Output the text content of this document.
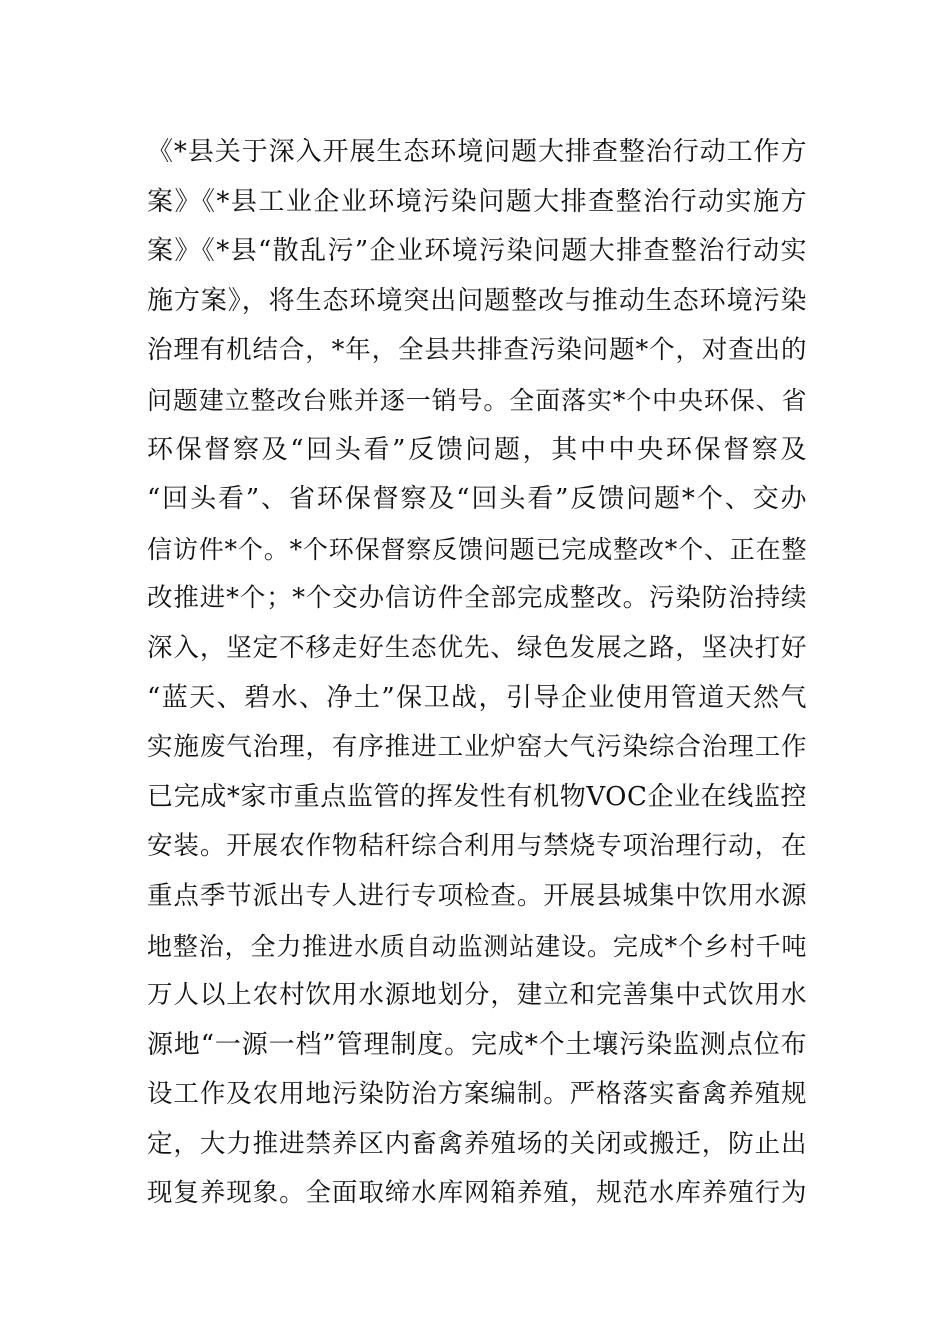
《*县关于深入开展生态环境问题大排查整治行动工作方
案》《*县工业企业环境污染问题大排查整治行动实施方
案》《*县“散乱污”企业环境污染问题大排查整治行动实
施方案》，将生态环境突出问题整改与推动生态环境污染
治理有机结合，*年，全县共排查污染问题*个，对查出的
问题建立整改台账并逐一销号。全面落实*个中央环保、省
环保督察及“回头看”反馈问题，其中中央环保督察及
“回头看”、省环保督察及“回头看”反馈问题*个、交办
信访件*个。*个环保督察反馈问题已完成整改*个、正在整
改推进*个；*个交办信访件全部完成整改。污染防治持续
深入，坚定不移走好生态优先、绿色发展之路，坚决打好
“蓝天、碧水、净土”保卫战，引导企业使用管道天然气
实施废气治理，有序推进工业炉窑大气污染综合治理工作
已完成*家市重点监管的挥发性有机物VOC企业在线监控
安装。开展农作物秸秆综合利用与禁烧专项治理行动，在
重点季节派出专人进行专项检查。开展县城集中饮用水源
地整治，全力推进水质自动监测站建设。完成*个乡村千吨
万人以上农村饮用水源地划分，建立和完善集中式饮用水
源地“一源一档”管理制度。完成*个土壤污染监测点位布
设工作及农用地污染防治方案编制。严格落实畜禽养殖规
定，大力推进禁养区内畜禽养殖场的关闭或搬迁，防止出
现复养现象。全面取缔水库网箱养殖，规范水库养殖行为
